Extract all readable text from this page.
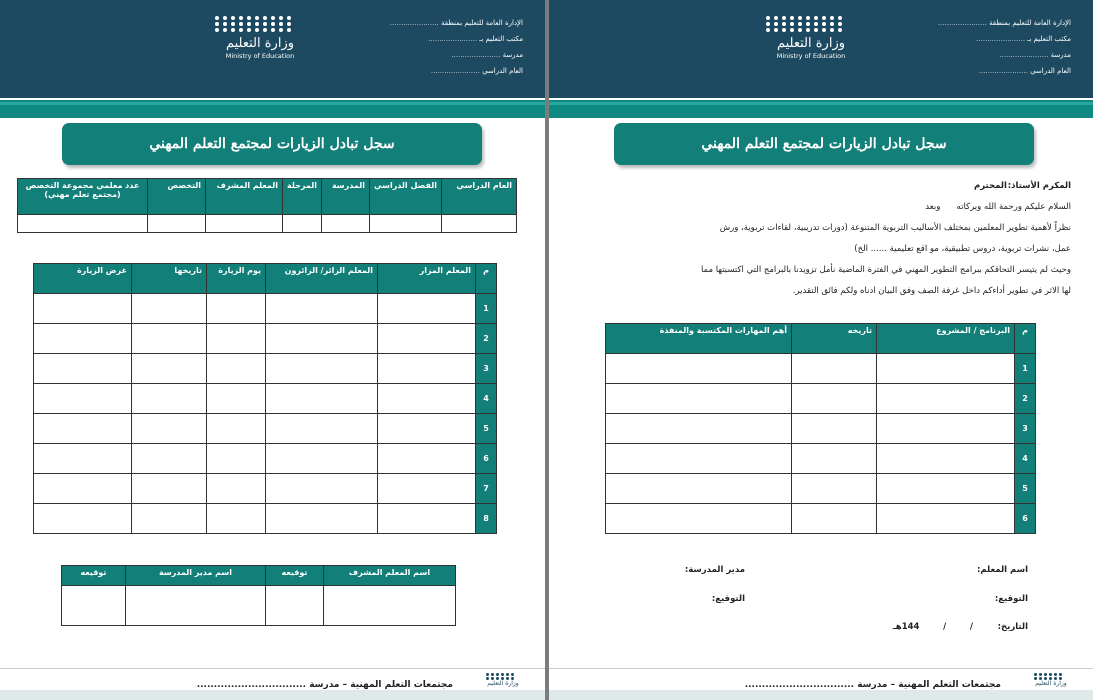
الإدارة العامة للتعليم بمنطقة ......................
مكتب التعليم بـ ......................
مدرسة ......................
العام الدراسي ......................
وزارة التعليم
Ministry of Education
سجل تبادل الزيارات لمجتمع التعلم المهني
العام الدراسي	الفصل الدراسي	المدرسة	المرحلة	المعلم المشرف	التخصص	عدد معلمي مجموعة التخصص
(مجتمع تعلم مهني)

م	المعلم المزار	المعلم الزائر/ الزائرون	يوم الزيارة	تاريخها	غرض الزيارة
1					
2					
3					
4					
5					
6					
7					
8					
اسم المعلم المشرف	توقيعه	اسم مدير المدرسة	توقيعه

مجتمعات التعلم المهنية – مدرسة ................................	وزارة التعليم
الإدارة العامة للتعليم بمنطقة ......................
مكتب التعليم بـ ......................
مدرسة ......................
العام الدراسي ......................
وزارة التعليم
Ministry of Education
سجل تبادل الزيارات لمجتمع التعلم المهني
المكرم الأستاذ:
المحترم
السلام عليكم ورحمة الله وبركاته      وبعد
نظراً لأهمية تطوير المعلمين بمختلف الأساليب التربوية المتنوعة (دورات تدريبية، لقاءات تربوية، ورش
عمل، نشرات تربوية، دروس تطبيقية، مو اقع تعليمية ...... الخ)
وحيث لم يتيسر التحاقكم ببرامج التطوير المهني في الفترة الماضية نأمل تزويدنا بالبرامج التي اكتسبتها مما
لها الاثر في تطوير أداءكم داخل غرفة الصف وفق البيان ادناه ولكم فائق التقدير.
م	البرنامج / المشروع	تاريخه	أهم المهارات المكتسبة والمنفذة
1			
2			
3			
4			
5			
6			
اسم المعلم:
مدير المدرسة:
التوقيع:
التوقيع:
التاريخ:
/        /        144هـ
مجتمعات التعلم المهنية – مدرسة ................................	وزارة التعليم
